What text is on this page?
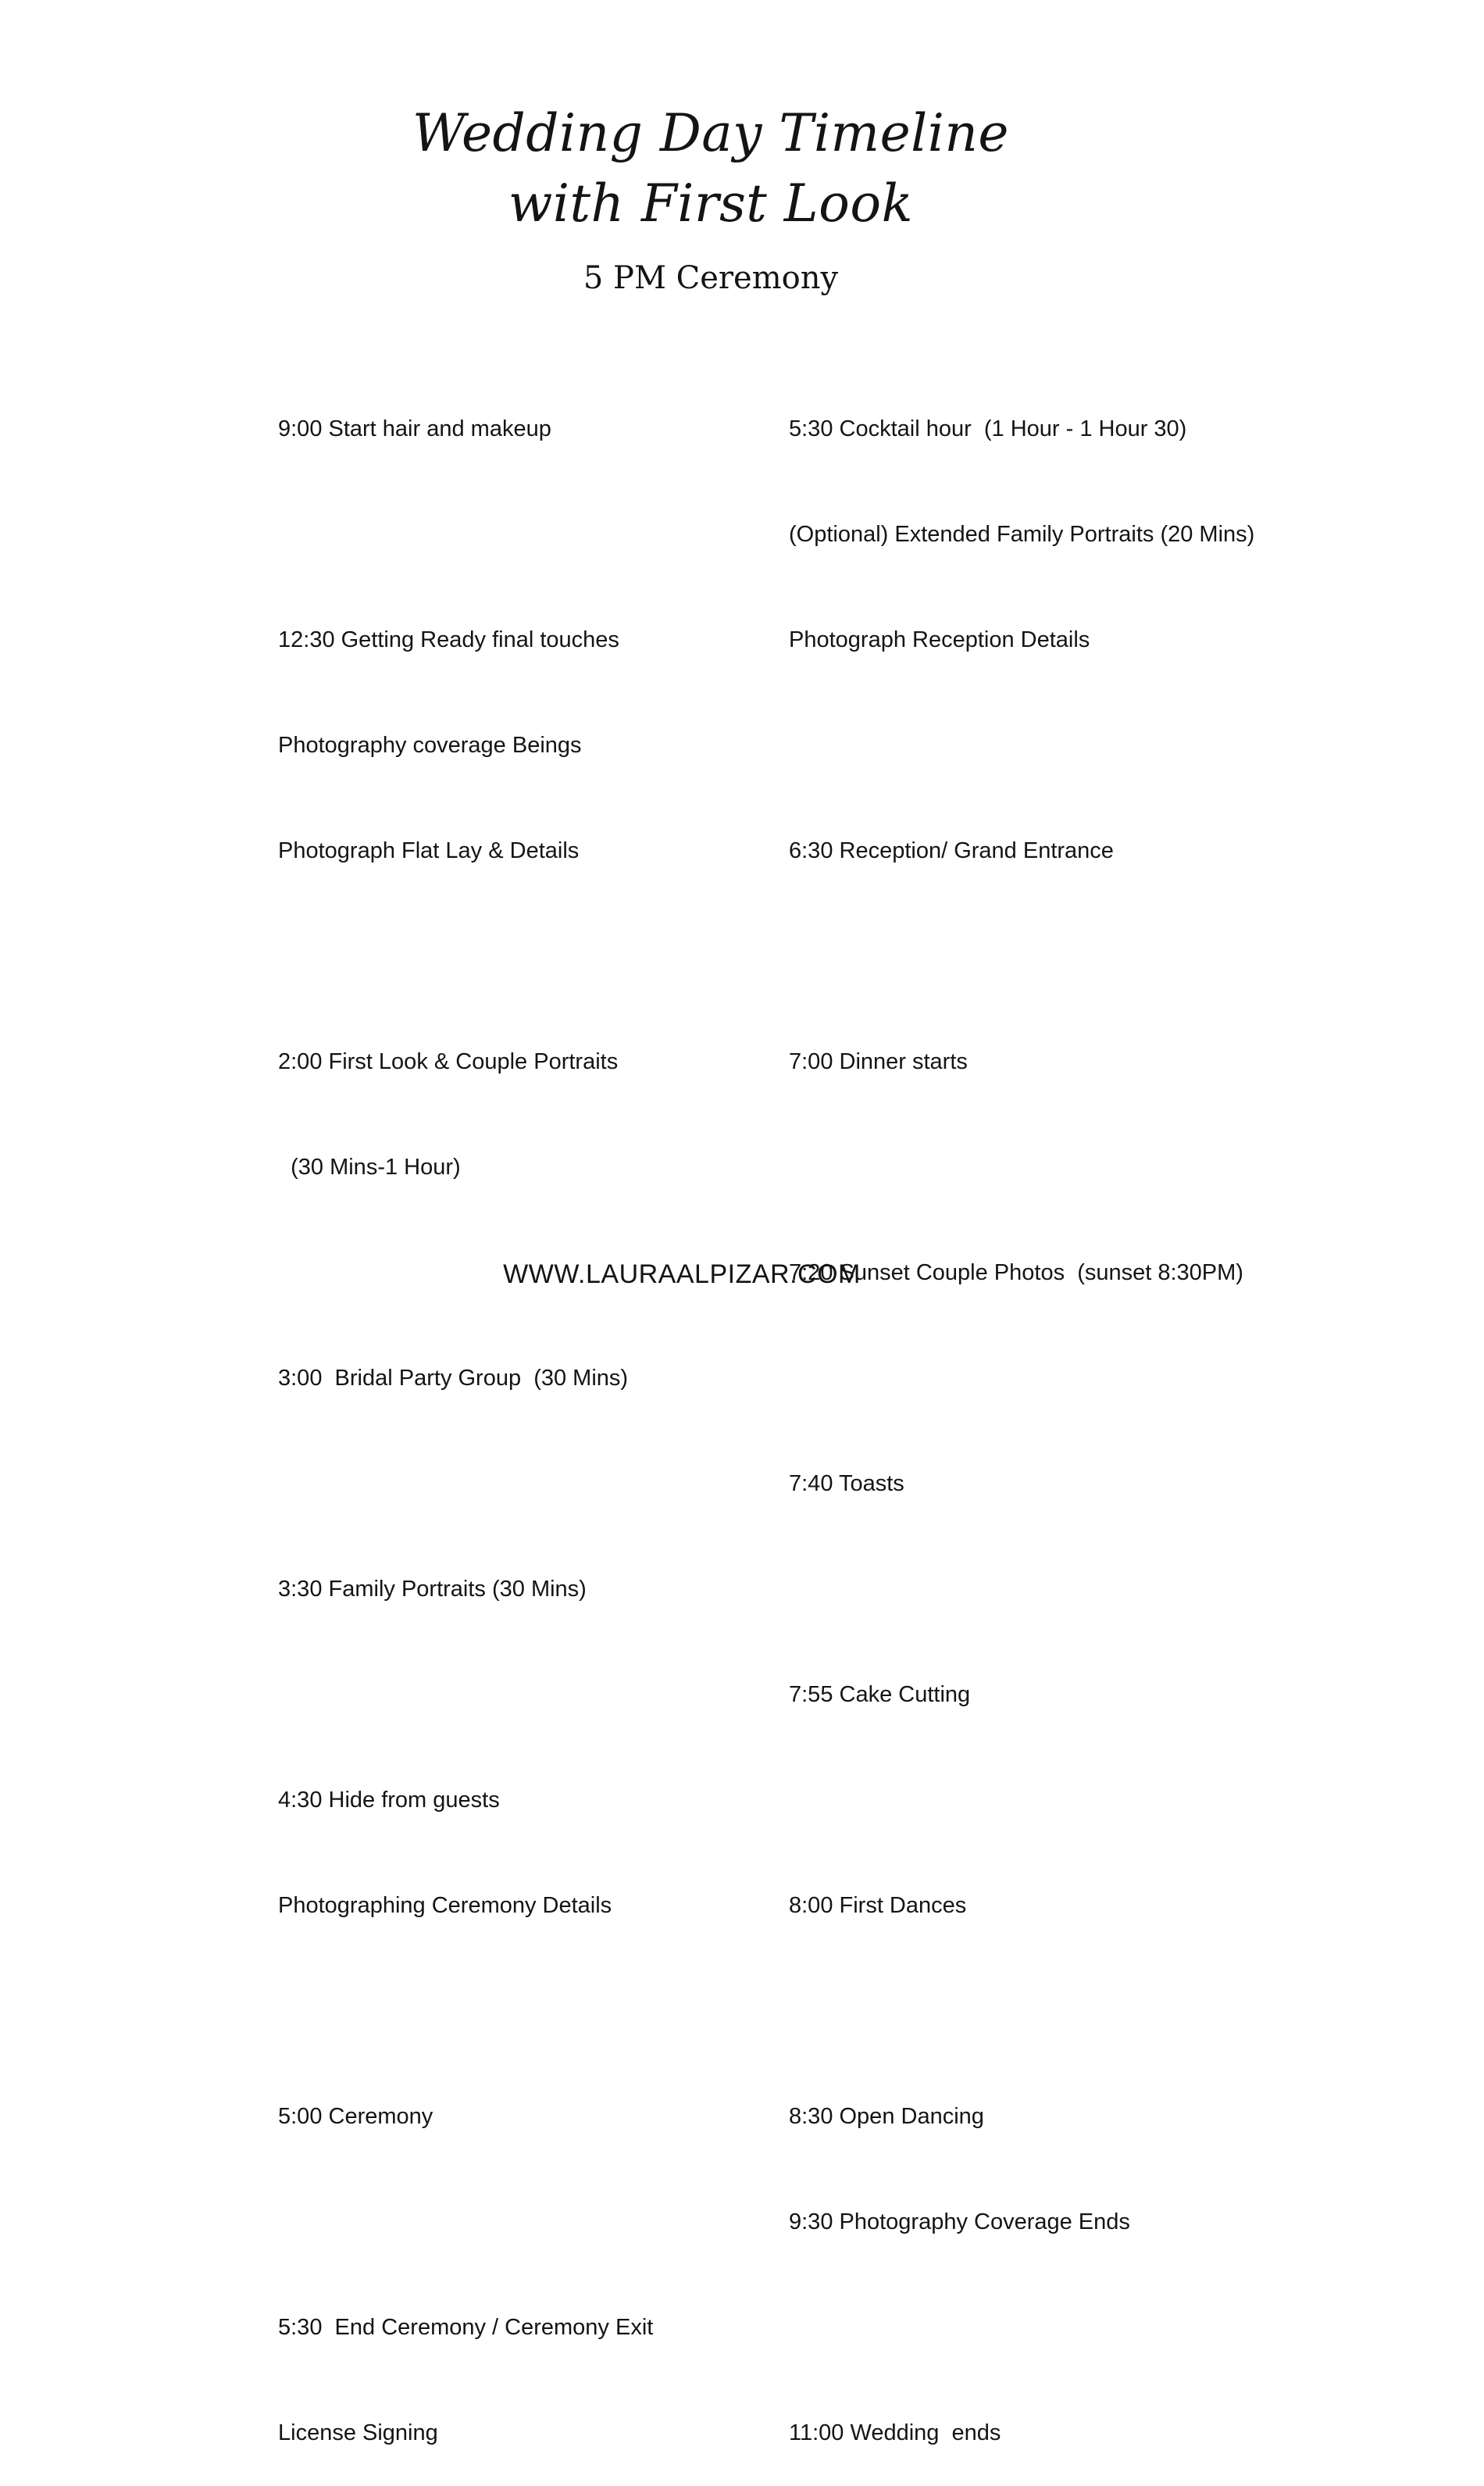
Wedding Day Timeline
with First Look
5 PM Ceremony

9:00 Start hair and makeup

12:30 Getting Ready final touches

Photography coverage Beings

Photograph Flat Lay & Details

2:00 First Look & Couple Portraits

(30 Mins-1 Hour)

3:00  Bridal Party Group  (30 Mins)

3:30 Family Portraits (30 Mins)

4:30 Hide from guests

Photographing Ceremony Details

5:00 Ceremony

5:30  End Ceremony / Ceremony Exit

License Signing

5:30 Cocktail hour  (1 Hour - 1 Hour 30)

(Optional) Extended Family Portraits (20 Mins)

Photograph Reception Details

6:30 Reception/ Grand Entrance

7:00 Dinner starts

7:20 Sunset Couple Photos  (sunset 8:30PM)

7:40 Toasts

7:55 Cake Cutting

8:00 First Dances

8:30 Open Dancing

9:30 Photography Coverage Ends

11:00 Wedding  ends

WWW.LAURAALPIZAR.COM
